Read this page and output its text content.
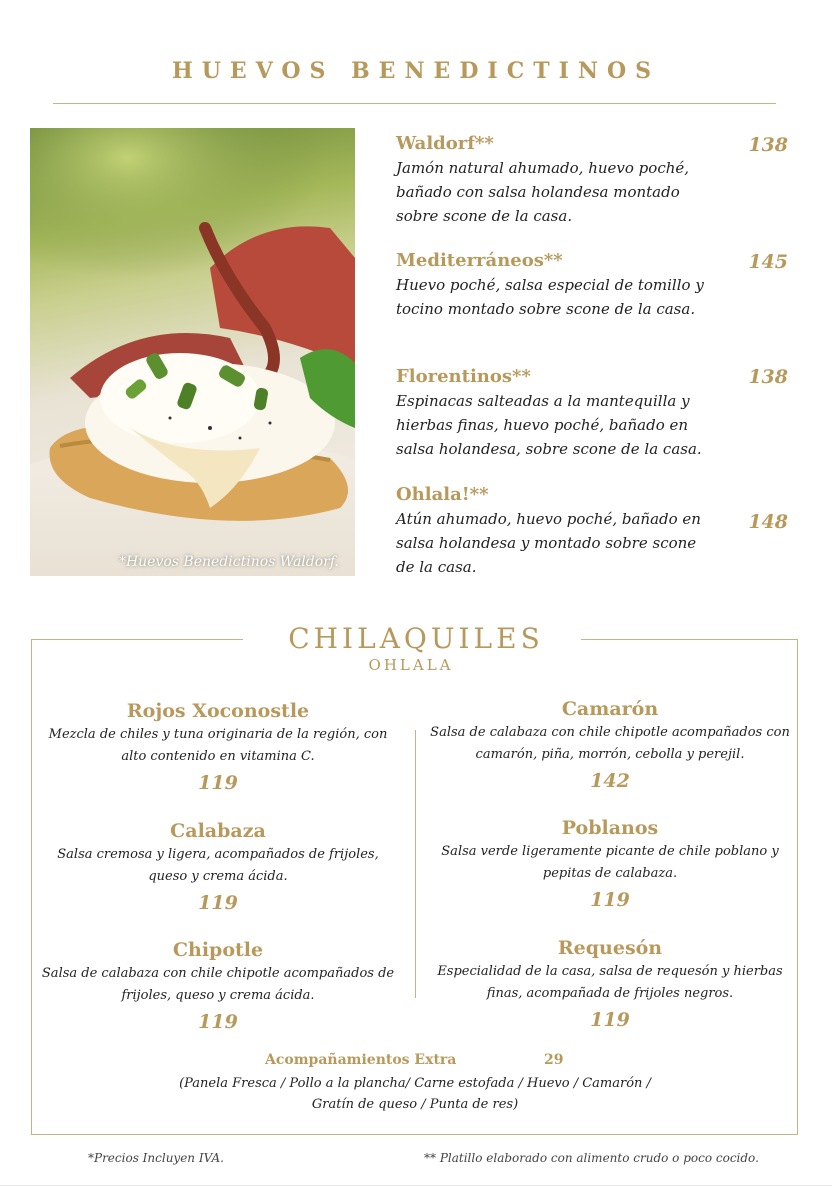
HUEVOS BENEDICTINOS
*Huevos Benedictinos Waldorf.
138
Waldorf**
Jamón natural ahumado, huevo poché, bañado con salsa holandesa montado sobre scone de la casa.
145
Mediterráneos**
Huevo poché, salsa especial de tomillo y tocino montado sobre scone de la casa.
138
Florentinos**
Espinacas salteadas a la mantequilla y hierbas finas, huevo poché, bañado en salsa holandesa, sobre scone de la casa.
148
Ohlala!**
Atún ahumado, huevo poché, bañado en salsa holandesa y montado sobre scone de la casa.
CHILAQUILES
OHLALA
Rojos Xoconostle
Mezcla de chiles y tuna originaria de la región, con alto contenido en vitamina C.
119
Calabaza
Salsa cremosa y ligera, acompañados de frijoles, queso y crema ácida.
119
Chipotle
Salsa de calabaza con chile chipotle acompañados de frijoles, queso y crema ácida.
119
Camarón
Salsa de calabaza con chile chipotle acompañados con camarón, piña, morrón, cebolla y perejil.
142
Poblanos
Salsa verde ligeramente picante de chile poblano y pepitas de calabaza.
119
Requesón
Especialidad de la casa, salsa de requesón y hierbas finas, acompañada de frijoles negros.
119
Acompañamientos Extra	29
(Panela Fresca / Pollo a la plancha/ Carne estofada / Huevo / Camarón / Gratín de queso / Punta de res)
*Precios Incluyen IVA.	** Platillo elaborado con alimento crudo o poco cocido.
